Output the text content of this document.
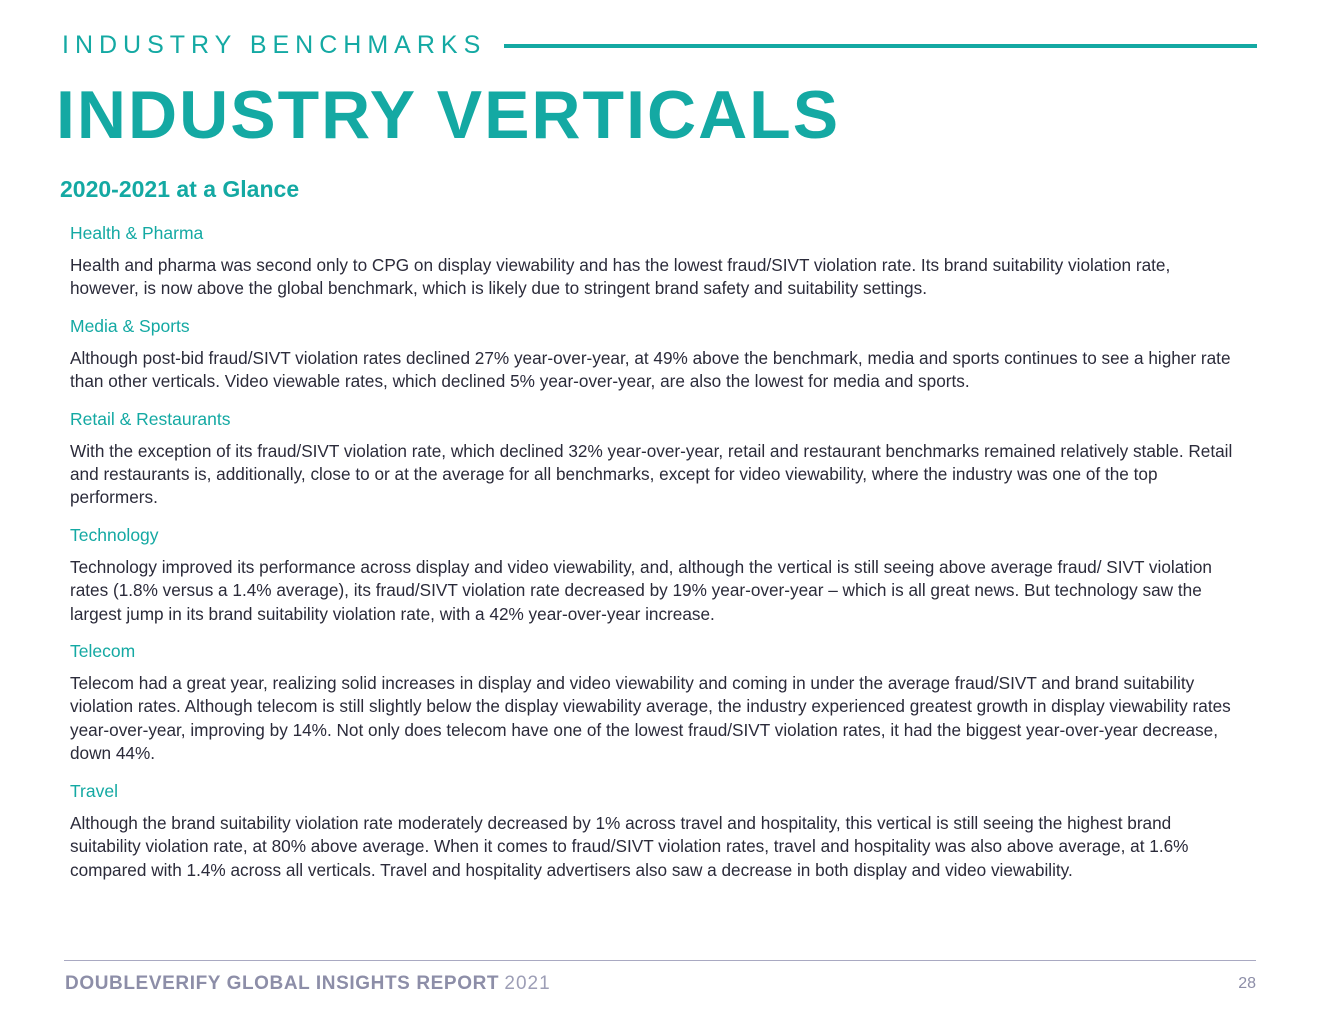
INDUSTRY BENCHMARKS
INDUSTRY VERTICALS
2020-2021 at a Glance
Health & Pharma

Health and pharma was second only to CPG on display viewability and has the lowest fraud/SIVT violation rate. Its brand suitability violation rate, however, is now above the global benchmark, which is likely due to stringent brand safety and suitability settings.

Media & Sports

Although post-bid fraud/SIVT violation rates declined 27% year-over-year, at 49% above the benchmark, media and sports continues to see a higher rate than other verticals. Video viewable rates, which declined 5% year-over-year, are also the lowest for media and sports.

Retail & Restaurants

With the exception of its fraud/SIVT violation rate, which declined 32% year-over-year, retail and restaurant benchmarks remained relatively stable. Retail and restaurants is, additionally, close to or at the average for all benchmarks, except for video viewability, where the industry was one of the top performers.

Technology

Technology improved its performance across display and video viewability, and, although the vertical is still seeing above average fraud/ SIVT violation rates (1.8% versus a 1.4% average), its fraud/SIVT violation rate decreased by 19% year-over-year – which is all great news. But technology saw the largest jump in its brand suitability violation rate, with a 42% year-over-year increase.

Telecom

Telecom had a great year, realizing solid increases in display and video viewability and coming in under the average fraud/SIVT and brand suitability violation rates. Although telecom is still slightly below the display viewability average, the industry experienced greatest growth in display viewability rates year-over-year, improving by 14%. Not only does telecom have one of the lowest fraud/SIVT violation rates, it had the biggest year-over-year decrease, down 44%.

Travel

Although the brand suitability violation rate moderately decreased by 1% across travel and hospitality, this vertical is still seeing the highest brand suitability violation rate, at 80% above average. When it comes to fraud/SIVT violation rates, travel and hospitality was also above average, at 1.6% compared with 1.4% across all verticals. Travel and hospitality advertisers also saw a decrease in both display and video viewability.

DOUBLEVERIFY GLOBAL INSIGHTS REPORT 2021	28
